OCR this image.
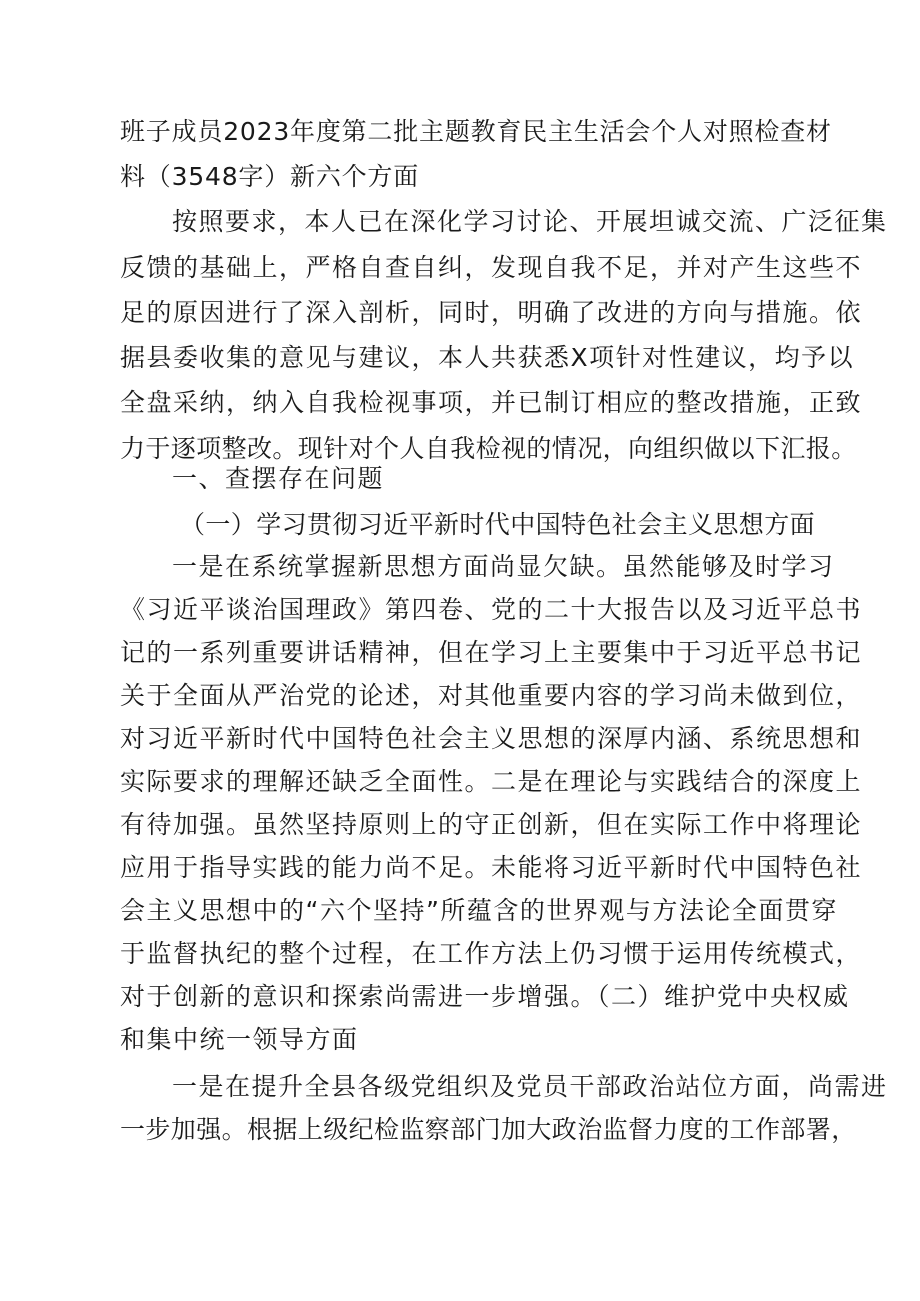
班子成员2023年度第二批主题教育民主生活会个人对照检查材
料（3548字）新六个方面
按照要求，本人已在深化学习讨论、开展坦诚交流、广泛征集
反馈的基础上，严格自查自纠，发现自我不足，并对产生这些不
足的原因进行了深入剖析，同时，明确了改进的方向与措施。依
据县委收集的意见与建议，本人共获悉X项针对性建议，均予以
全盘采纳，纳入自我检视事项，并已制订相应的整改措施，正致
力于逐项整改。现针对个人自我检视的情况，向组织做以下汇报。
一、查摆存在问题
（一）学习贯彻习近平新时代中国特色社会主义思想方面
一是在系统掌握新思想方面尚显欠缺。虽然能够及时学习
《习近平谈治国理政》第四卷、党的二十大报告以及习近平总书
记的一系列重要讲话精神，但在学习上主要集中于习近平总书记
关于全面从严治党的论述，对其他重要内容的学习尚未做到位，
对习近平新时代中国特色社会主义思想的深厚内涵、系统思想和
实际要求的理解还缺乏全面性。二是在理论与实践结合的深度上
有待加强。虽然坚持原则上的守正创新，但在实际工作中将理论
应用于指导实践的能力尚不足。未能将习近平新时代中国特色社
会主义思想中的“六个坚持”所蕴含的世界观与方法论全面贯穿
于监督执纪的整个过程，在工作方法上仍习惯于运用传统模式，
对于创新的意识和探索尚需进一步增强。（二）维护党中央权威
和集中统一领导方面
一是在提升全县各级党组织及党员干部政治站位方面，尚需进
一步加强。根据上级纪检监察部门加大政治监督力度的工作部署，
